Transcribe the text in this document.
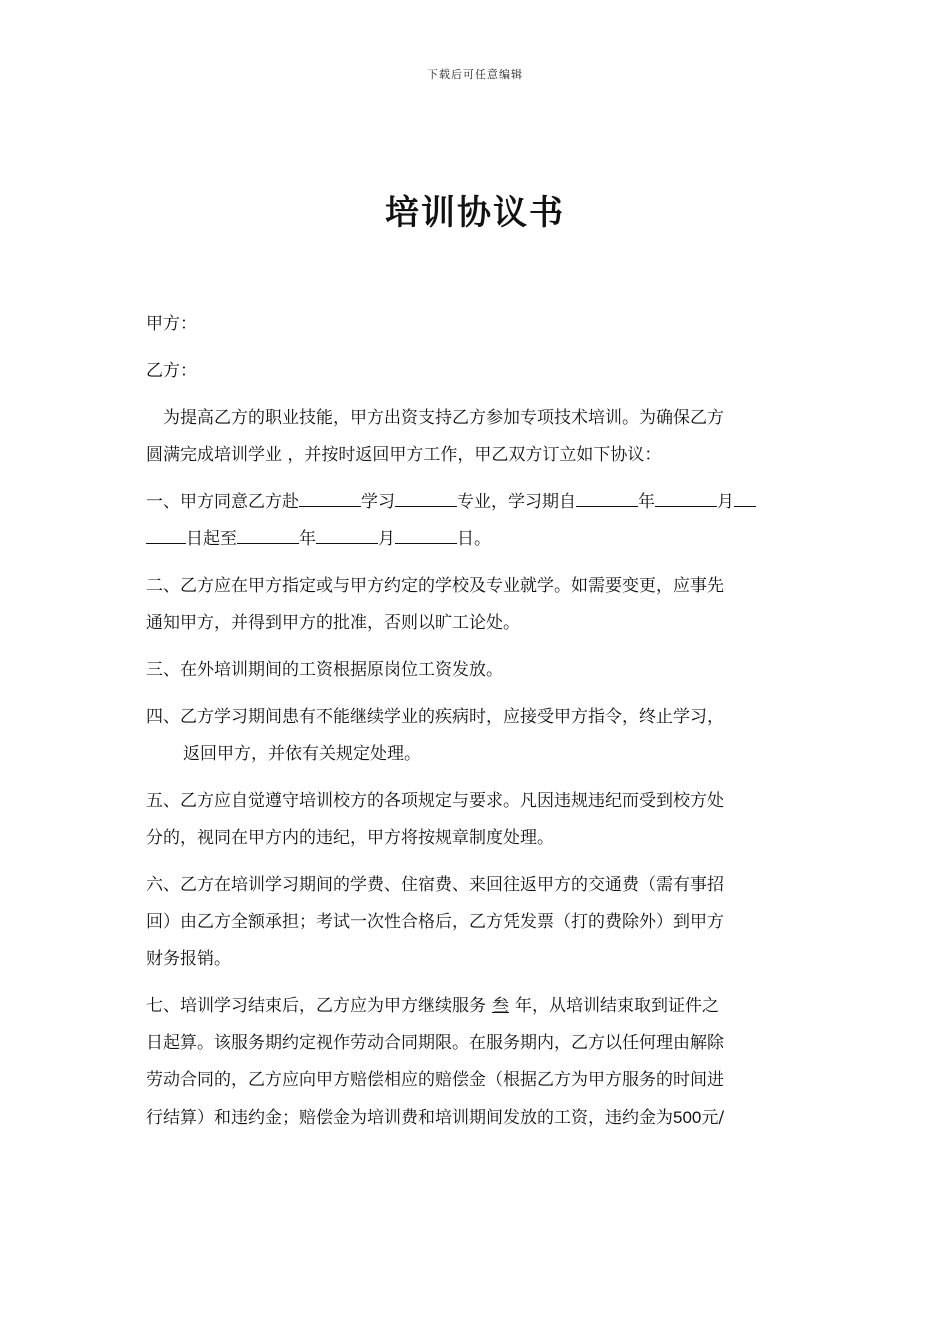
下载后可任意编辑
培训协议书
甲方：
乙方：
为提高乙方的职业技能，甲方出资支持乙方参加专项技术培训。为确保乙方
圆满完成培训学业 ，并按时返回甲方工作，甲乙双方订立如下协议：
一、甲方同意乙方赴	学习	专业，学习期自	年	月
日起至	年	月	日。
二、乙方应在甲方指定或与甲方约定的学校及专业就学。如需要变更，应事先
通知甲方，并得到甲方的批准，否则以旷工论处。
三、在外培训期间的工资根据原岗位工资发放。
四、乙方学习期间患有不能继续学业的疾病时，应接受甲方指令，终止学习，
返回甲方，并依有关规定处理。
五、乙方应自觉遵守培训校方的各项规定与要求。凡因违规违纪而受到校方处
分的，视同在甲方内的违纪，甲方将按规章制度处理。
六、乙方在培训学习期间的学费、住宿费、来回往返甲方的交通费（需有事招
回）由乙方全额承担；考试一次性合格后，乙方凭发票（打的费除外）到甲方
财务报销。
七、培训学习结束后，乙方应为甲方继续服务 叁 年，从培训结束取到证件之
日起算。该服务期约定视作劳动合同期限。在服务期内，乙方以任何理由解除
劳动合同的，乙方应向甲方赔偿相应的赔偿金（根据乙方为甲方服务的时间进
行结算）和违约金；赔偿金为培训费和培训期间发放的工资，违约金为500元/
